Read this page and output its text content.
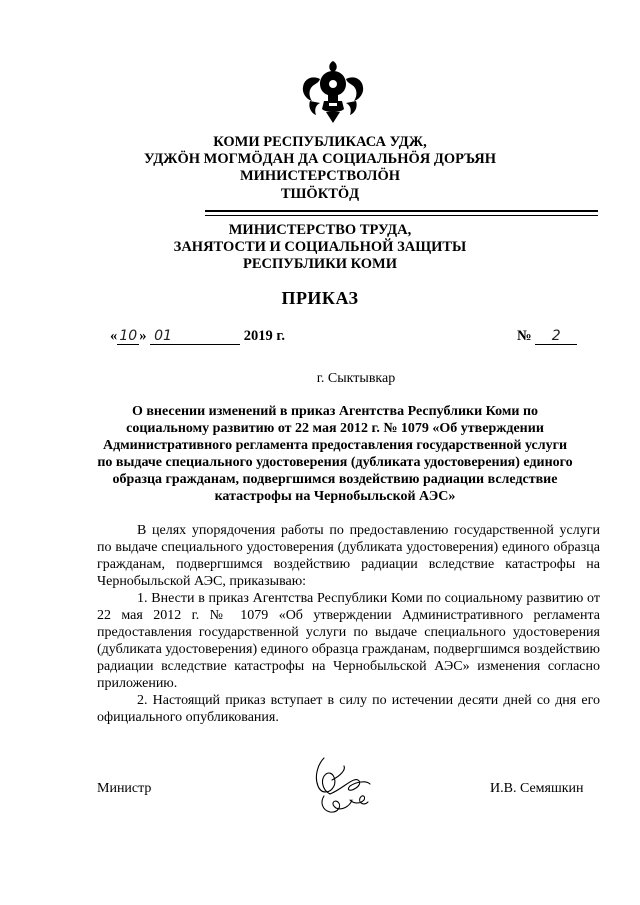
КОМИ РЕСПУБЛИКАСА УДЖ,
УДЖӦН МОГМӦДАН ДА СОЦИАЛЬНӦЯ ДОРЪЯН
МИНИСТЕРСТВОЛӦН
ТШӦКТӦД
МИНИСТЕРСТВО ТРУДА,
ЗАНЯТОСТИ И СОЦИАЛЬНОЙ ЗАЩИТЫ
РЕСПУБЛИКИ КОМИ
ПРИКАЗ
« 10 » 01	2019 г.	№ 2
г. Сыктывкар
О внесении изменений в приказ Агентства Республики Коми по социальному развитию от 22 мая 2012 г. № 1079 «Об утверждении Административного регламента предоставления государственной услуги по выдаче специального удостоверения (дубликата удостоверения) единого образца гражданам, подвергшимся воздействию радиации вследствие катастрофы на Чернобыльской АЭС»

В целях упорядочения работы по предоставлению государственной услуги по выдаче специального удостоверения (дубликата удостоверения) единого образца гражданам, подвергшимся воздействию радиации вследствие катастрофы на Чернобыльской АЭС, приказываю:

1. Внести в приказ Агентства Республики Коми по социальному развитию от 22 мая 2012 г. № 1079 «Об утверждении Административного регламента предоставления государственной услуги по выдаче специального удостоверения (дубликата удостоверения) единого образца гражданам, подвергшимся воздействию радиации вследствие катастрофы на Чернобыльской АЭС» изменения согласно приложению.

2. Настоящий приказ вступает в силу по истечении десяти дней со дня его официального опубликования.

Министр	И.В. Семяшкин
